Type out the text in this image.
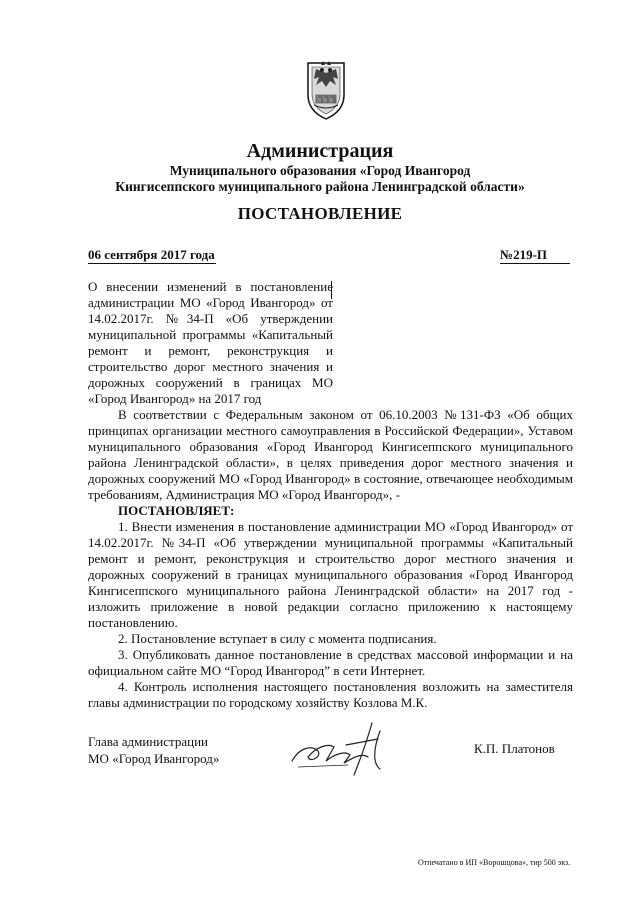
Администрация
Муниципального образования «Город Ивангород
Кингисеппского муниципального района Ленинградской области»
ПОСТАНОВЛЕНИЕ
06 сентября 2017 года	№219-П
О внесении изменений в постановление администрации МО «Город Ивангород» от 14.02.2017г. №34-П «Об утверждении муниципальной программы «Капитальный ремонт и ремонт, реконструкция и строительство дорог местного значения и дорожных сооружений в границах МО «Город Ивангород» на 2017 год

В соответствии с Федеральным законом от 06.10.2003 №131-ФЗ «Об общих принципах организации местного самоуправления в Российской Федерации», Уставом муниципального образования «Город Ивангород Кингисеппского муниципального района Ленинградской области», в целях приведения дорог местного значения и дорожных сооружений МО «Город Ивангород» в состояние, отвечающее необходимым требованиям, Администрация МО «Город Ивангород», -

ПОСТАНОВЛЯЕТ:

1. Внести изменения в постановление администрации МО «Город Ивангород» от 14.02.2017г. №34-П «Об утверждении муниципальной программы «Капитальный ремонт и ремонт, реконструкция и строительство дорог местного значения и дорожных сооружений в границах муниципального образования «Город Ивангород Кингисеппского муниципального района Ленинградской области» на 2017 год - изложить приложение в новой редакции согласно приложению к настоящему постановлению.

2. Постановление вступает в силу с момента подписания.

3. Опубликовать данное постановление в средствах массовой информации и на официальном сайте МО “Город Ивангород” в сети Интернет.

4. Контроль исполнения настоящего постановления возложить на заместителя главы администрации по городскому хозяйству Козлова М.К.

Глава администрации
МО «Город Ивангород»
К.П. Платонов
Отпечатано в ИП «Ворошцова», тир 500 экз.
